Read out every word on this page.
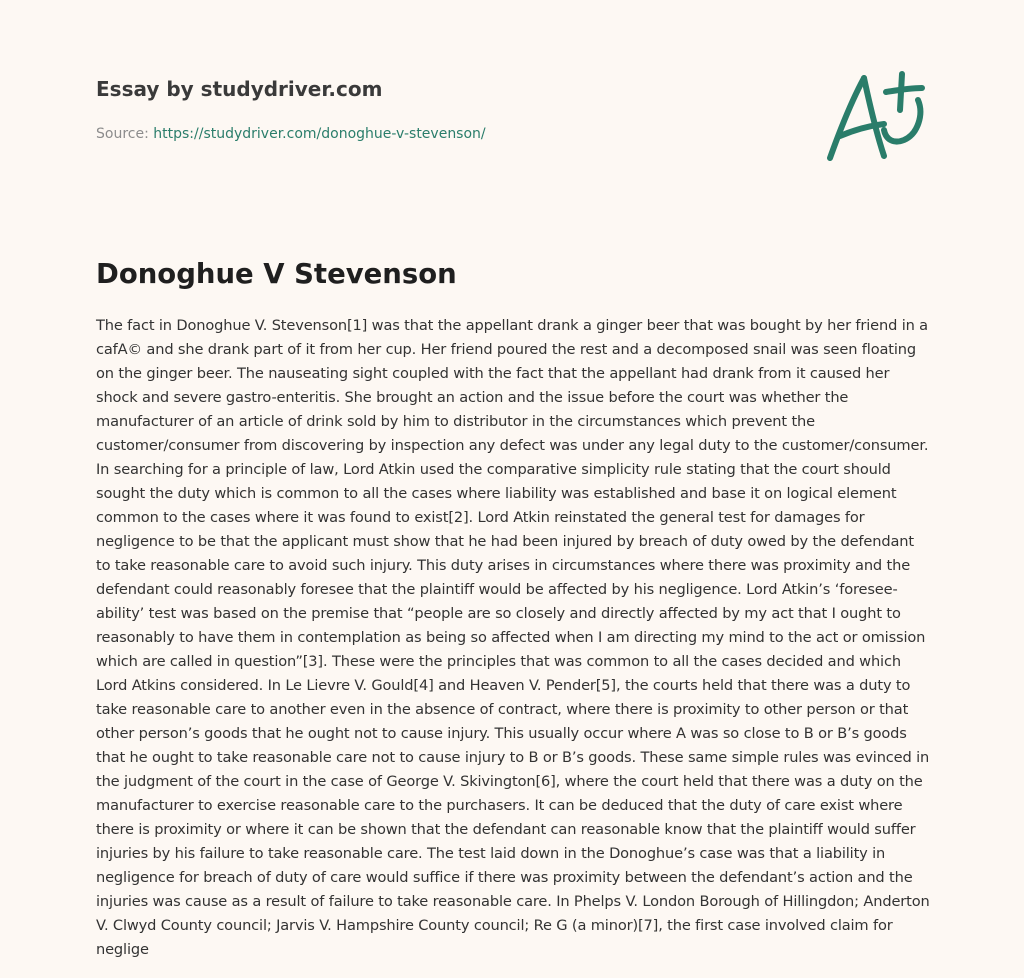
Essay by studydriver.com
Source: https://studydriver.com/donoghue-v-stevenson/
Donoghue V Stevenson

The fact in Donoghue V. Stevenson[1] was that the appellant drank a ginger beer that was bought by her friend in a cafA© and she drank part of it from her cup. Her friend poured the rest and a decomposed snail was seen floating on the ginger beer. The nauseating sight coupled with the fact that the appellant had drank from it caused her shock and severe gastro-enteritis. She brought an action and the issue before the court was whether the manufacturer of an article of drink sold by him to distributor in the circumstances which prevent the customer/consumer from discovering by inspection any defect was under any legal duty to the customer/consumer. In searching for a principle of law, Lord Atkin used the comparative simplicity rule stating that the court should sought the duty which is common to all the cases where liability was established and base it on logical element common to the cases where it was found to exist[2]. Lord Atkin reinstated the general test for damages for negligence to be that the applicant must show that he had been injured by breach of duty owed by the defendant to take reasonable care to avoid such injury. This duty arises in circumstances where there was proximity and the defendant could reasonably foresee that the plaintiff would be affected by his negligence. Lord Atkin’s ‘foresee-ability’ test was based on the premise that “people are so closely and directly affected by my act that I ought to reasonably to have them in contemplation as being so affected when I am directing my mind to the act or omission which are called in question”[3]. These were the principles that was common to all the cases decided and which Lord Atkins considered. In Le Lievre V. Gould[4] and Heaven V. Pender[5], the courts held that there was a duty to take reasonable care to another even in the absence of contract, where there is proximity to other person or that other person’s goods that he ought not to cause injury. This usually occur where A was so close to B or B’s goods that he ought to take reasonable care not to cause injury to B or B’s goods. These same simple rules was evinced in the judgment of the court in the case of George V. Skivington[6], where the court held that there was a duty on the manufacturer to exercise reasonable care to the purchasers. It can be deduced that the duty of care exist where there is proximity or where it can be shown that the defendant can reasonable know that the plaintiff would suffer injuries by his failure to take reasonable care. The test laid down in the Donoghue’s case was that a liability in negligence for breach of duty of care would suffice if there was proximity between the defendant’s action and the injuries was cause as a result of failure to take reasonable care. In Phelps V. London Borough of Hillingdon; Anderton V. Clwyd County council; Jarvis V. Hampshire County council; Re G (a minor)[7], the first case involved claim for neglige
